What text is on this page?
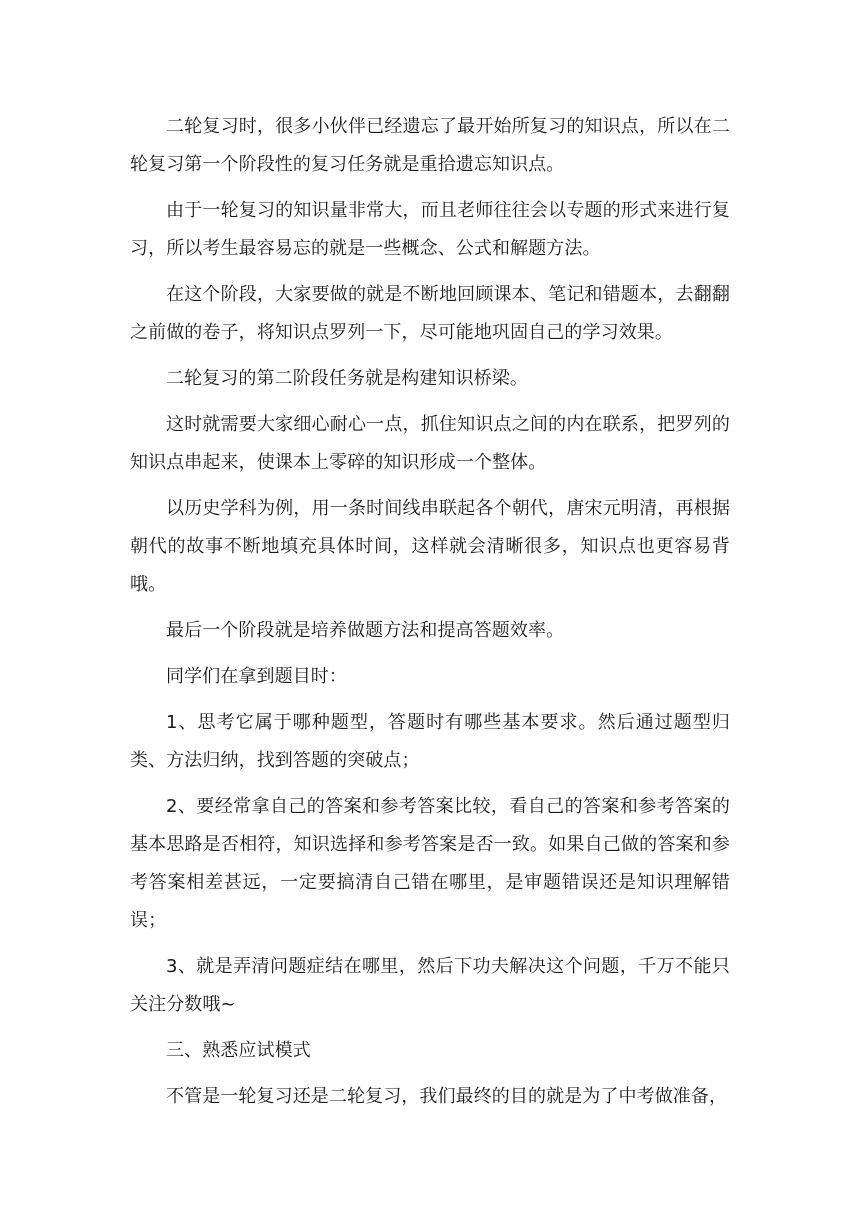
二轮复习时，很多小伙伴已经遗忘了最开始所复习的知识点，所以在二轮复习第一个阶段性的复习任务就是重拾遗忘知识点。

由于一轮复习的知识量非常大，而且老师往往会以专题的形式来进行复习，所以考生最容易忘的就是一些概念、公式和解题方法。

在这个阶段，大家要做的就是不断地回顾课本、笔记和错题本，去翻翻之前做的卷子，将知识点罗列一下，尽可能地巩固自己的学习效果。

二轮复习的第二阶段任务就是构建知识桥梁。

这时就需要大家细心耐心一点，抓住知识点之间的内在联系，把罗列的知识点串起来，使课本上零碎的知识形成一个整体。

以历史学科为例，用一条时间线串联起各个朝代，唐宋元明清，再根据朝代的故事不断地填充具体时间，这样就会清晰很多，知识点也更容易背哦。

最后一个阶段就是培养做题方法和提高答题效率。

同学们在拿到题目时：

1、思考它属于哪种题型，答题时有哪些基本要求。然后通过题型归类、方法归纳，找到答题的突破点；

2、要经常拿自己的答案和参考答案比较，看自己的答案和参考答案的基本思路是否相符，知识选择和参考答案是否一致。如果自己做的答案和参考答案相差甚远，一定要搞清自己错在哪里，是审题错误还是知识理解错误；

3、就是弄清问题症结在哪里，然后下功夫解决这个问题，千万不能只关注分数哦~

三、熟悉应试模式

不管是一轮复习还是二轮复习，我们最终的目的就是为了中考做准备，
